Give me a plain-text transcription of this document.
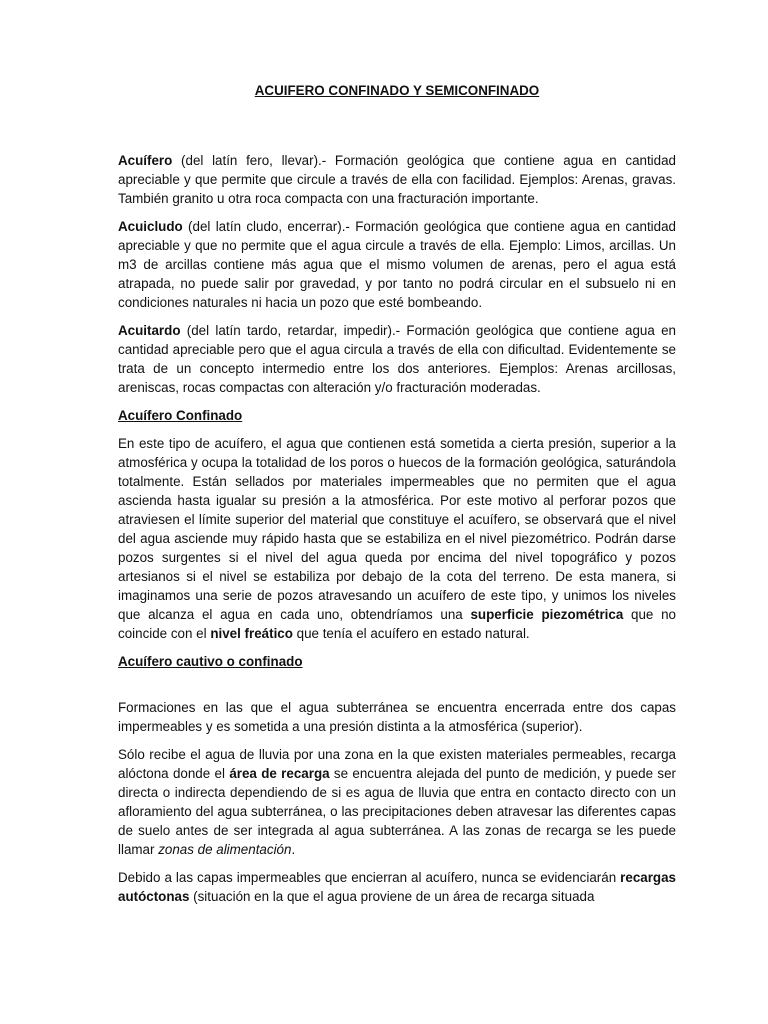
ACUIFERO CONFINADO Y SEMICONFINADO

Acuífero (del latín fero, llevar).- Formación geológica que contiene agua en cantidad apreciable y que permite que circule a través de ella con facilidad. Ejemplos: Arenas, gravas. También granito u otra roca compacta con una fracturación importante.

Acuicludo (del latín cludo, encerrar).- Formación geológica que contiene agua en cantidad apreciable y que no permite que el agua circule a través de ella. Ejemplo: Limos, arcillas. Un m3 de arcillas contiene más agua que el mismo volumen de arenas, pero el agua está atrapada, no puede salir por gravedad, y por tanto no podrá circular en el subsuelo ni en condiciones naturales ni hacia un pozo que esté bombeando.

Acuitardo (del latín tardo, retardar, impedir).- Formación geológica que contiene agua en cantidad apreciable pero que el agua circula a través de ella con dificultad. Evidentemente se trata de un concepto intermedio entre los dos anteriores. Ejemplos: Arenas arcillosas, areniscas, rocas compactas con alteración y/o fracturación moderadas.

Acuífero Confinado

En este tipo de acuífero, el agua que contienen está sometida a cierta presión, superior a la atmosférica y ocupa la totalidad de los poros o huecos de la formación geológica, saturándola totalmente. Están sellados por materiales impermeables que no permiten que el agua ascienda hasta igualar su presión a la atmosférica. Por este motivo al perforar pozos que atraviesen el límite superior del material que constituye el acuífero, se observará que el nivel del agua asciende muy rápido hasta que se estabiliza en el nivel piezométrico. Podrán darse pozos surgentes si el nivel del agua queda por encima del nivel topográfico y pozos artesianos si el nivel se estabiliza por debajo de la cota del terreno. De esta manera, si imaginamos una serie de pozos atravesando un acuífero de este tipo, y unimos los niveles que alcanza el agua en cada uno, obtendríamos una superficie piezométrica que no coincide con el nivel freático que tenía el acuífero en estado natural.

Acuífero cautivo o confinado

Formaciones en las que el agua subterránea se encuentra encerrada entre dos capas impermeables y es sometida a una presión distinta a la atmosférica (superior).

Sólo recibe el agua de lluvia por una zona en la que existen materiales permeables, recarga alóctona donde el área de recarga se encuentra alejada del punto de medición, y puede ser directa o indirecta dependiendo de si es agua de lluvia que entra en contacto directo con un afloramiento del agua subterránea, o las precipitaciones deben atravesar las diferentes capas de suelo antes de ser integrada al agua subterránea. A las zonas de recarga se les puede llamar zonas de alimentación.

Debido a las capas impermeables que encierran al acuífero, nunca se evidenciarán recargas autóctonas (situación en la que el agua proviene de un área de recarga situada
